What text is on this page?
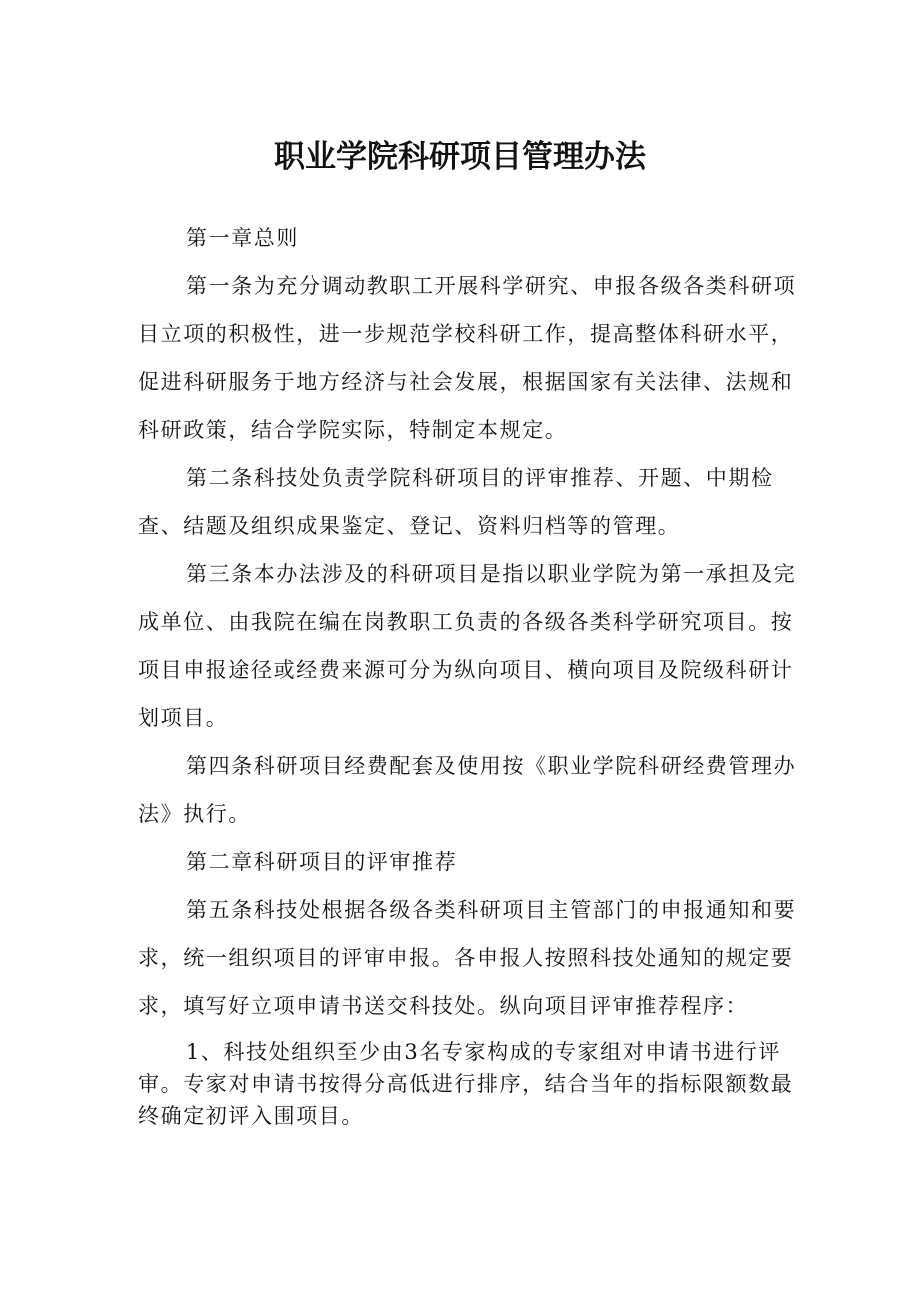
职业学院科研项目管理办法

第一章总则

第一条为充分调动教职工开展科学研究、申报各级各类科研项目立项的积极性，进一步规范学校科研工作，提高整体科研水平，促进科研服务于地方经济与社会发展，根据国家有关法律、法规和科研政策，结合学院实际，特制定本规定。

第二条科技处负责学院科研项目的评审推荐、开题、中期检查、结题及组织成果鉴定、登记、资料归档等的管理。

第三条本办法涉及的科研项目是指以职业学院为第一承担及完成单位、由我院在编在岗教职工负责的各级各类科学研究项目。按项目申报途径或经费来源可分为纵向项目、横向项目及院级科研计划项目。

第四条科研项目经费配套及使用按《职业学院科研经费管理办法》执行。

第二章科研项目的评审推荐

第五条科技处根据各级各类科研项目主管部门的申报通知和要求，统一组织项目的评审申报。各申报人按照科技处通知的规定要求，填写好立项申请书送交科技处。纵向项目评审推荐程序：

1、科技处组织至少由3名专家构成的专家组对申请书进行评审。专家对申请书按得分高低进行排序，结合当年的指标限额数最终确定初评入围项目。
